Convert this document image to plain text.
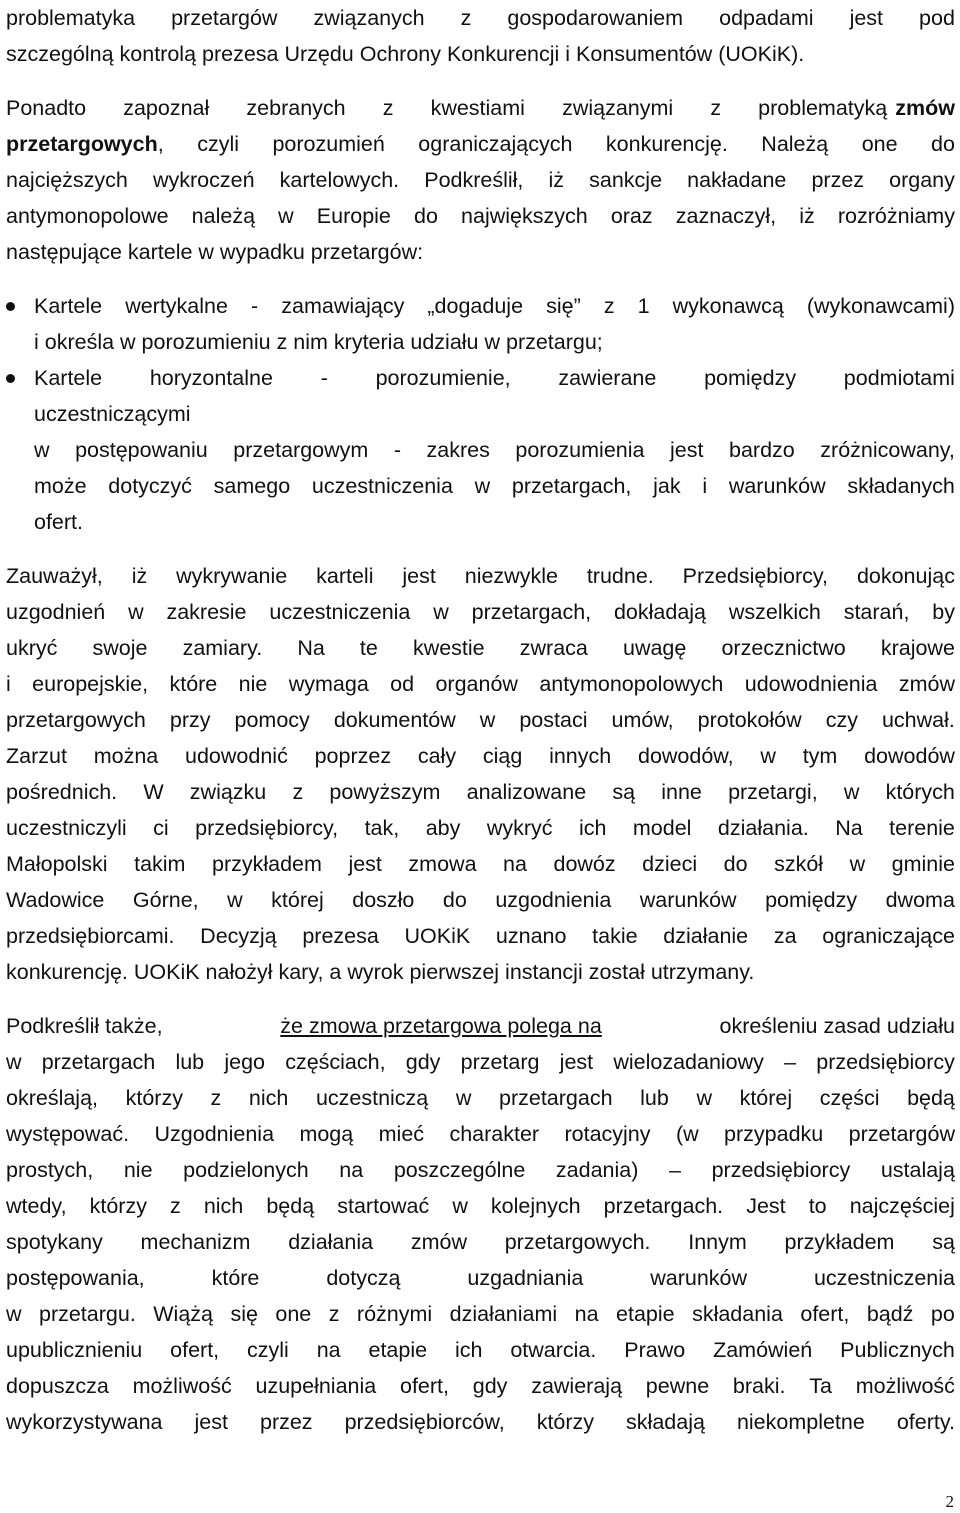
problematyka przetargów związanych z gospodarowaniem odpadami jest pod
szczególną kontrolą prezesa Urzędu Ochrony Konkurencji i Konsumentów (UOKiK).
Ponadto zapoznał zebranych z kwestiami związanymi z problematyką zmów
przetargowych , czyli porozumień ograniczających konkurencję. Należą one do
najcięższych wykroczeń kartelowych. Podkreślił, iż sankcje nakładane przez organy
antymonopolowe należą w Europie do największych oraz zaznaczył, iż rozróżniamy
następujące kartele w wypadku przetargów:
Kartele wertykalne - zamawiający „dogaduje się” z 1 wykonawcą (wykonawcami)
i określa w porozumieniu z nim kryteria udziału w przetargu;
Kartele horyzontalne - porozumienie, zawierane pomiędzy podmiotami
uczestniczącymi
w postępowaniu przetargowym - zakres porozumienia jest bardzo zróżnicowany,
może dotyczyć samego uczestniczenia w przetargach, jak i warunków składanych
ofert.
Zauważył, iż wykrywanie karteli jest niezwykle trudne. Przedsiębiorcy, dokonując
uzgodnień w zakresie uczestniczenia w przetargach, dokładają wszelkich starań, by
ukryć swoje zamiary. Na te kwestie zwraca uwagę orzecznictwo krajowe
i europejskie, które nie wymaga od organów antymonopolowych udowodnienia zmów
przetargowych przy pomocy dokumentów w postaci umów, protokołów czy uchwał.
Zarzut można udowodnić poprzez cały ciąg innych dowodów, w tym dowodów
pośrednich. W związku z powyższym analizowane są inne przetargi, w których
uczestniczyli ci przedsiębiorcy, tak, aby wykryć ich model działania. Na terenie
Małopolski takim przykładem jest zmowa na dowóz dzieci do szkół w gminie
Wadowice Górne, w której doszło do uzgodnienia warunków pomiędzy dwoma
przedsiębiorcami. Decyzją prezesa UOKiK uznano takie działanie za ograniczające
konkurencję. UOKiK nałożył kary, a wyrok pierwszej instancji został utrzymany.
Podkreślił także,	że zmowa przetargowa polega na	określeniu zasad udziału
w przetargach lub jego częściach, gdy przetarg jest wielozadaniowy – przedsiębiorcy
określają, którzy z nich uczestniczą w przetargach lub w której części będą
występować. Uzgodnienia mogą mieć charakter rotacyjny (w przypadku przetargów
prostych, nie podzielonych na poszczególne zadania) – przedsiębiorcy ustalają
wtedy, którzy z nich będą startować w kolejnych przetargach. Jest to najczęściej
spotykany mechanizm działania zmów przetargowych. Innym przykładem są
postępowania,	które	dotyczą	uzgadniania	warunków	uczestniczenia
w przetargu. Wiążą się one z różnymi działaniami na etapie składania ofert, bądź po
upublicznieniu ofert, czyli na etapie ich otwarcia. Prawo Zamówień Publicznych
dopuszcza możliwość uzupełniania ofert, gdy zawierają pewne braki. Ta możliwość
wykorzystywana jest przez przedsiębiorców, którzy składają niekompletne oferty.
2
